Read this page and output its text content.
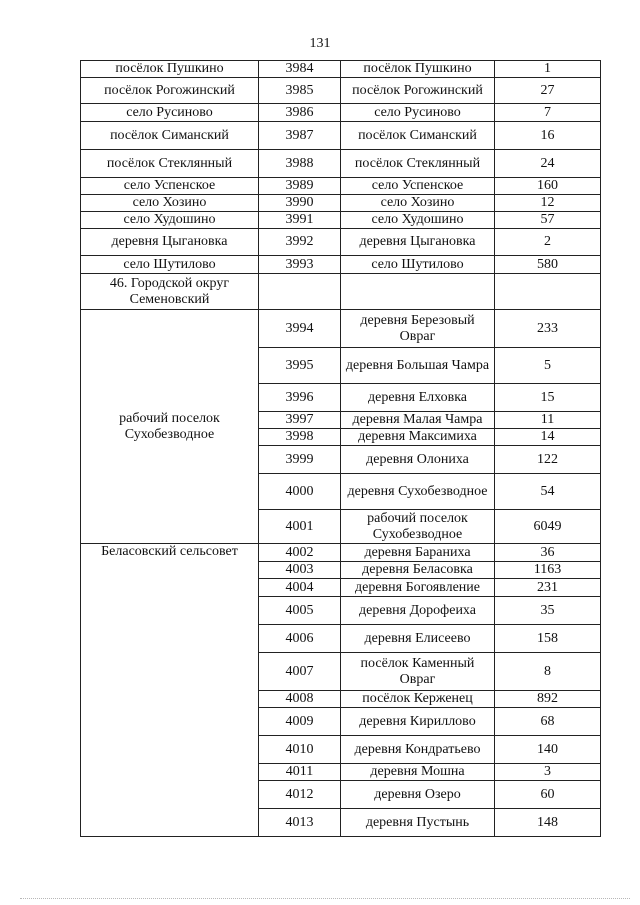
131
посёлок Пушкино	3984	посёлок Пушкино	1
посёлок Рогожинский	3985	посёлок Рогожинский	27
село Русиново	3986	село Русиново	7
посёлок Симанский	3987	посёлок Симанский	16
посёлок Стеклянный	3988	посёлок Стеклянный	24
село Успенское	3989	село Успенское	160
село Хозино	3990	село Хозино	12
село Худошино	3991	село Худошино	57
деревня Цыгановка	3992	деревня Цыгановка	2
село Шутилово	3993	село Шутилово	580
46. Городской округ Семеновский			
рабочий поселок Сухобезводное	3994	деревня Березовый Овраг	233
	3995	деревня Большая Чамра	5
	3996	деревня Елховка	15
	3997	деревня Малая Чамра	11
	3998	деревня Максимиха	14
	3999	деревня Олониха	122
	4000	деревня Сухобезводное	54
	4001	рабочий поселок Сухобезводное	6049
Беласовский сельсовет	4002	деревня Бараниха	36
	4003	деревня Беласовка	1163
	4004	деревня Богоявление	231
	4005	деревня Дорофеиха	35
	4006	деревня Елисеево	158
	4007	посёлок Каменный Овраг	8
	4008	посёлок Керженец	892
	4009	деревня Кириллово	68
	4010	деревня Кондратьево	140
	4011	деревня Мошна	3
	4012	деревня Озеро	60
	4013	деревня Пустынь	148
